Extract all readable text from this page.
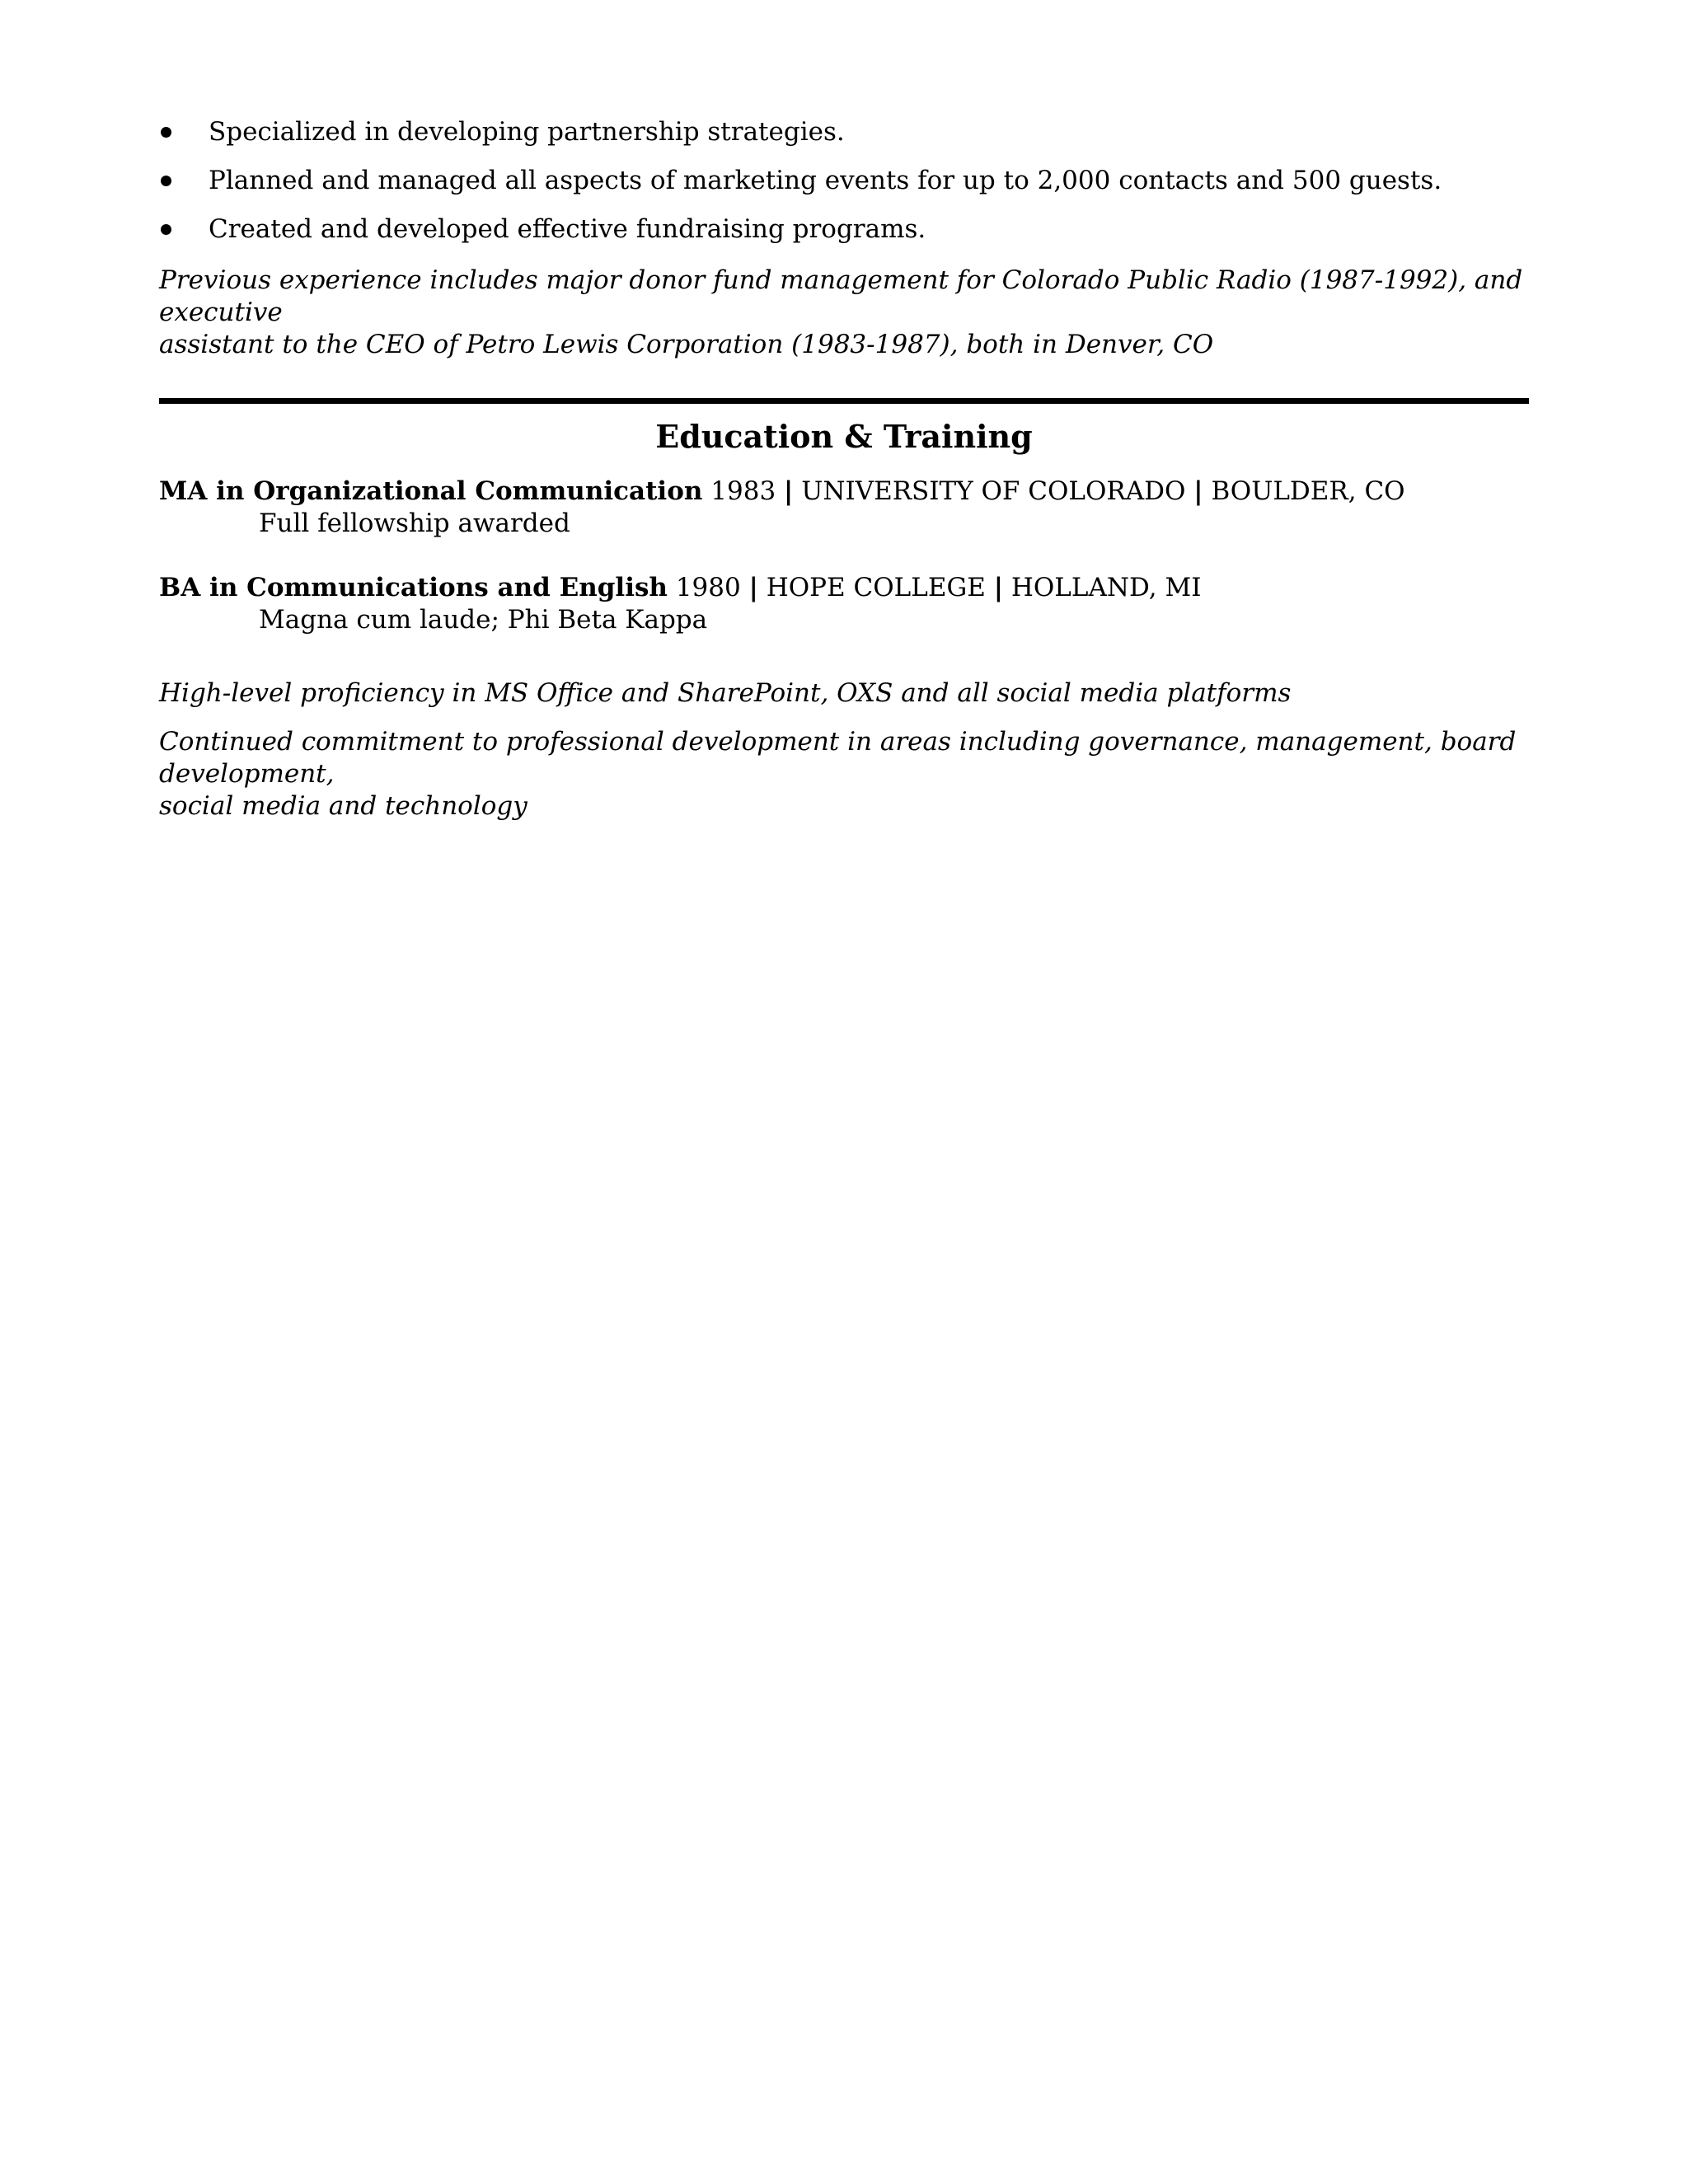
Specialized in developing partnership strategies.
Planned and managed all aspects of marketing events for up to 2,000 contacts and 500 guests.
Created and developed effective fundraising programs.

Previous experience includes major donor fund management for Colorado Public Radio (1987-1992), and executive
assistant to the CEO of Petro Lewis Corporation (1983-1987), both in Denver, CO

Education & Training
MA in Organizational Communication 1983 | UNIVERSITY OF COLORADO | BOULDER, CO
Full fellowship awarded
BA in Communications and English 1980 | HOPE COLLEGE | HOLLAND, MI
Magna cum laude; Phi Beta Kappa

High-level proficiency in MS Office and SharePoint, OXS and all social media platforms

Continued commitment to professional development in areas including governance, management, board development,
social media and technology
